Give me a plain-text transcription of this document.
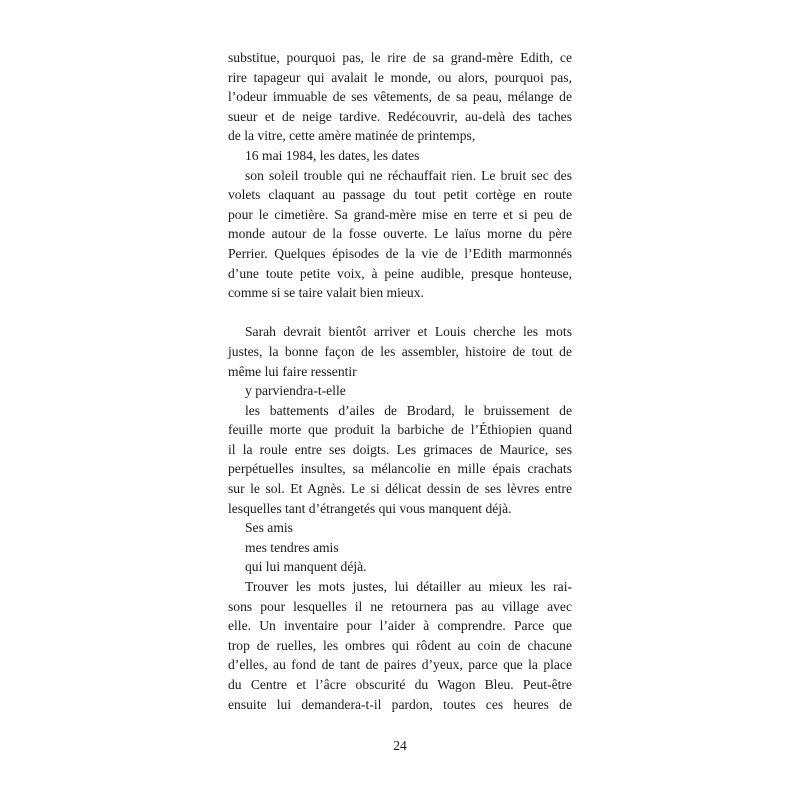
substitue, pourquoi pas, le rire de sa grand-mère Edith, ce
rire tapageur qui avalait le monde, ou alors, pourquoi pas,
l’odeur immuable de ses vêtements, de sa peau, mélange de
sueur et de neige tardive. Redécouvrir, au-delà des taches
de la vitre, cette amère matinée de printemps,
16 mai 1984, les dates, les dates
son soleil trouble qui ne réchauffait rien. Le bruit sec des
volets claquant au passage du tout petit cortège en route
pour le cimetière. Sa grand-mère mise en terre et si peu de
monde autour de la fosse ouverte. Le laïus morne du père
Perrier. Quelques épisodes de la vie de l’Edith marmonnés
d’une toute petite voix, à peine audible, presque honteuse,
comme si se taire valait bien mieux.
Sarah devrait bientôt arriver et Louis cherche les mots
justes, la bonne façon de les assembler, histoire de tout de
même lui faire ressentir
y parviendra-t-elle
les battements d’ailes de Brodard, le bruissement de
feuille morte que produit la barbiche de l’Éthiopien quand
il la roule entre ses doigts. Les grimaces de Maurice, ses
perpétuelles insultes, sa mélancolie en mille épais crachats
sur le sol. Et Agnès. Le si délicat dessin de ses lèvres entre
lesquelles tant d’étrangetés qui vous manquent déjà.
Ses amis
mes tendres amis
qui lui manquent déjà.
Trouver les mots justes, lui détailler au mieux les rai-
sons pour lesquelles il ne retournera pas au village avec
elle. Un inventaire pour l’aider à comprendre. Parce que
trop de ruelles, les ombres qui rôdent au coin de chacune
d’elles, au fond de tant de paires d’yeux, parce que la place
du Centre et l’âcre obscurité du Wagon Bleu. Peut-être
ensuite lui demandera-t-il pardon, toutes ces heures de
24
